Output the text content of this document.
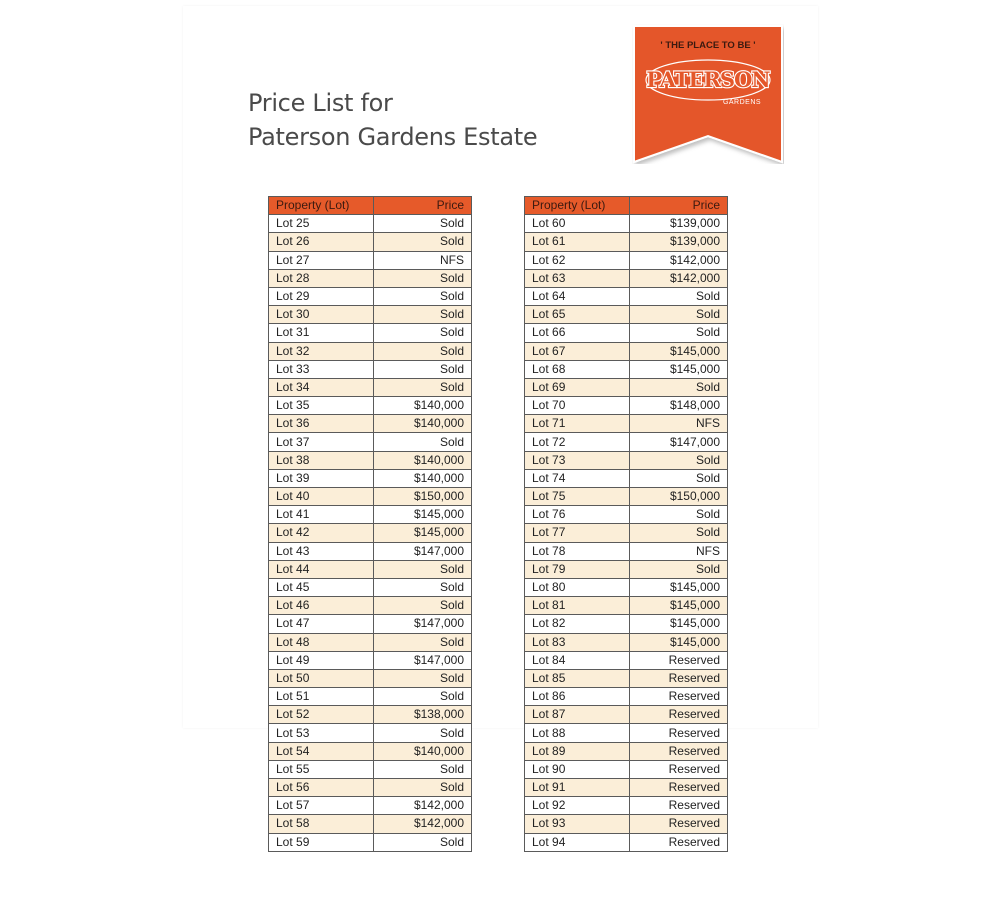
Price List for
Paterson Gardens Estate
' THE PLACE TO BE '
PATERSON
GARDENS
Property (Lot)	Price
Lot 25	Sold
Lot 26	Sold
Lot 27	NFS
Lot 28	Sold
Lot 29	Sold
Lot 30	Sold
Lot 31	Sold
Lot 32	Sold
Lot 33	Sold
Lot 34	Sold
Lot 35	$140,000
Lot 36	$140,000
Lot 37	Sold
Lot 38	$140,000
Lot 39	$140,000
Lot 40	$150,000
Lot 41	$145,000
Lot 42	$145,000
Lot 43	$147,000
Lot 44	Sold
Lot 45	Sold
Lot 46	Sold
Lot 47	$147,000
Lot 48	Sold
Lot 49	$147,000
Lot 50	Sold
Lot 51	Sold
Lot 52	$138,000
Lot 53	Sold
Lot 54	$140,000
Lot 55	Sold
Lot 56	Sold
Lot 57	$142,000
Lot 58	$142,000
Lot 59	Sold
Property (Lot)	Price
Lot 60	$139,000
Lot 61	$139,000
Lot 62	$142,000
Lot 63	$142,000
Lot 64	Sold
Lot 65	Sold
Lot 66	Sold
Lot 67	$145,000
Lot 68	$145,000
Lot 69	Sold
Lot 70	$148,000
Lot 71	NFS
Lot 72	$147,000
Lot 73	Sold
Lot 74	Sold
Lot 75	$150,000
Lot 76	Sold
Lot 77	Sold
Lot 78	NFS
Lot 79	Sold
Lot 80	$145,000
Lot 81	$145,000
Lot 82	$145,000
Lot 83	$145,000
Lot 84	Reserved
Lot 85	Reserved
Lot 86	Reserved
Lot 87	Reserved
Lot 88	Reserved
Lot 89	Reserved
Lot 90	Reserved
Lot 91	Reserved
Lot 92	Reserved
Lot 93	Reserved
Lot 94	Reserved
